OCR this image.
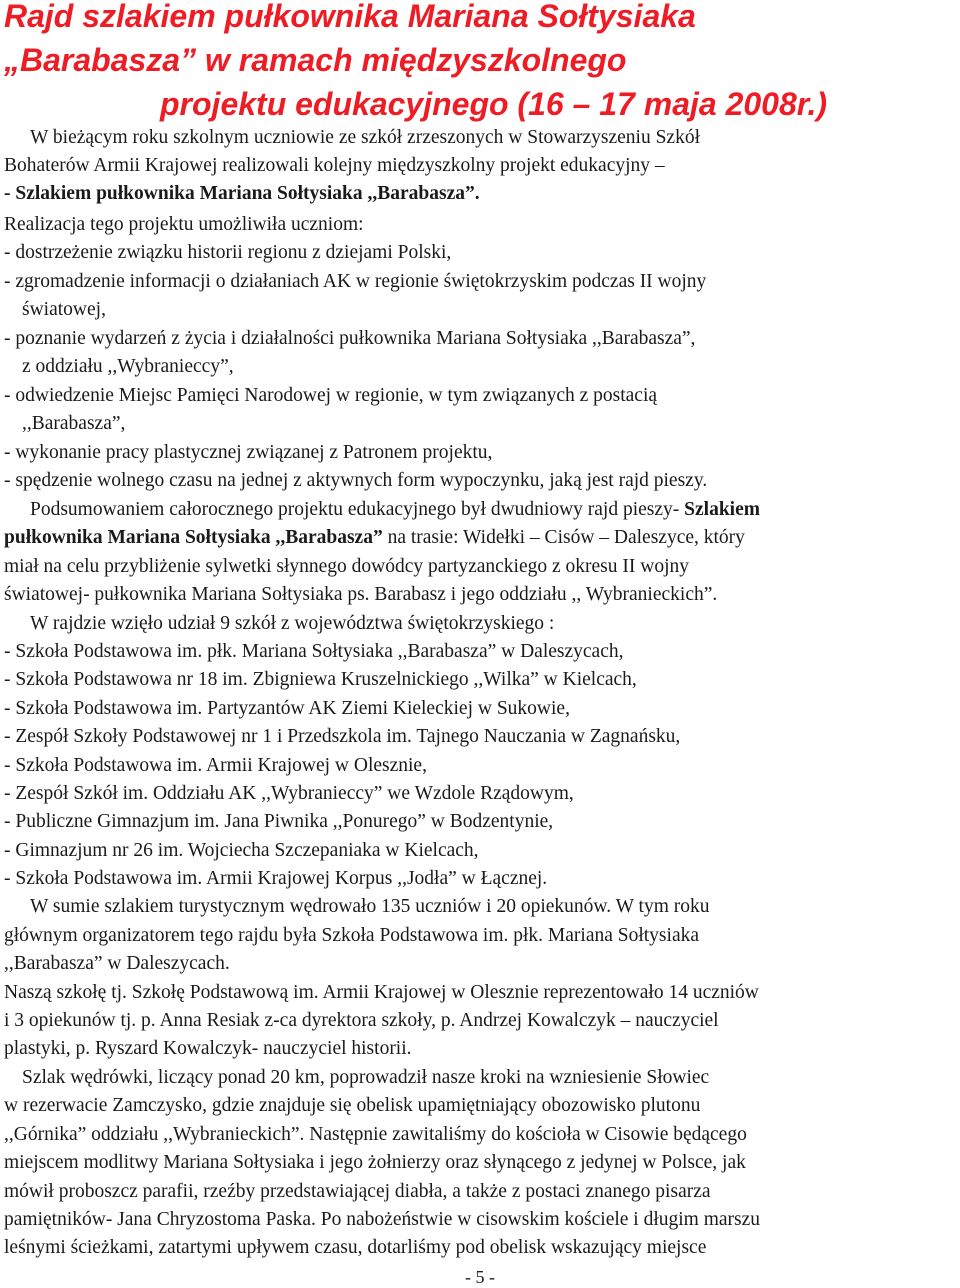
Rajd szlakiem pułkownika Mariana Sołtysiaka
„Barabasza” w ramach międzyszkolnego
projektu edukacyjnego (16 – 17 maja 2008r.)
W bieżącym roku szkolnym uczniowie ze szkół zrzeszonych w Stowarzyszeniu Szkół
Bohaterów Armii Krajowej realizowali kolejny międzyszkolny projekt edukacyjny –
- Szlakiem pułkownika Mariana Sołtysiaka ,,Barabasza”.
Realizacja tego projektu umożliwiła uczniom:
- dostrzeżenie związku historii regionu z dziejami Polski,
- zgromadzenie informacji o działaniach AK w regionie świętokrzyskim podczas II wojny
światowej,
- poznanie wydarzeń z życia i działalności pułkownika Mariana Sołtysiaka ,,Barabasza”,
z oddziału ,,Wybranieccy”,
- odwiedzenie Miejsc Pamięci Narodowej w regionie, w tym związanych z postacią
,,Barabasza”,
- wykonanie pracy plastycznej związanej z Patronem projektu,
- spędzenie wolnego czasu na jednej z aktywnych form wypoczynku, jaką jest rajd pieszy.
Podsumowaniem całorocznego projektu edukacyjnego był dwudniowy rajd pieszy- Szlakiem
pułkownika Mariana Sołtysiaka ,,Barabasza” na trasie: Widełki – Cisów – Daleszyce, który
miał na celu przybliżenie sylwetki słynnego dowódcy partyzanckiego z okresu II wojny
światowej- pułkownika Mariana Sołtysiaka ps. Barabasz i jego oddziału ,, Wybranieckich”.
W rajdzie wzięło udział 9 szkół z województwa świętokrzyskiego :
- Szkoła Podstawowa im. płk. Mariana Sołtysiaka ,,Barabasza” w Daleszycach,
- Szkoła Podstawowa nr 18 im. Zbigniewa Kruszelnickiego ,,Wilka” w Kielcach,
- Szkoła Podstawowa im. Partyzantów AK Ziemi Kieleckiej w Sukowie,
- Zespół Szkoły Podstawowej nr 1 i Przedszkola im. Tajnego Nauczania w Zagnańsku,
- Szkoła Podstawowa im. Armii Krajowej w Olesznie,
- Zespół Szkół im. Oddziału AK ,,Wybranieccy” we Wzdole Rządowym,
- Publiczne Gimnazjum im. Jana Piwnika ,,Ponurego” w Bodzentynie,
- Gimnazjum nr 26 im. Wojciecha Szczepaniaka w Kielcach,
- Szkoła Podstawowa im. Armii Krajowej Korpus ,,Jodła” w Łącznej.
W sumie szlakiem turystycznym wędrowało 135 uczniów i 20 opiekunów. W tym roku
głównym organizatorem tego rajdu była Szkoła Podstawowa im. płk. Mariana Sołtysiaka
,,Barabasza” w Daleszycach.
Naszą szkołę tj. Szkołę Podstawową im. Armii Krajowej w Olesznie reprezentowało 14 uczniów
i 3 opiekunów tj. p. Anna Resiak z-ca dyrektora szkoły, p. Andrzej Kowalczyk – nauczyciel
plastyki, p. Ryszard Kowalczyk- nauczyciel historii.
Szlak wędrówki, liczący ponad 20 km, poprowadził nasze kroki na wzniesienie Słowiec
w rezerwacie Zamczysko, gdzie znajduje się obelisk upamiętniający obozowisko plutonu
,,Górnika” oddziału ,,Wybranieckich”. Następnie zawitaliśmy do kościoła w Cisowie będącego
miejscem modlitwy Mariana Sołtysiaka i jego żołnierzy oraz słynącego z jedynej w Polsce, jak
mówił proboszcz parafii, rzeźby przedstawiającej diabła, a także z postaci znanego pisarza
pamiętników- Jana Chryzostoma Paska. Po nabożeństwie w cisowskim kościele i długim marszu
leśnymi ścieżkami, zatartymi upływem czasu, dotarliśmy pod obelisk wskazujący miejsce
- 5 -
